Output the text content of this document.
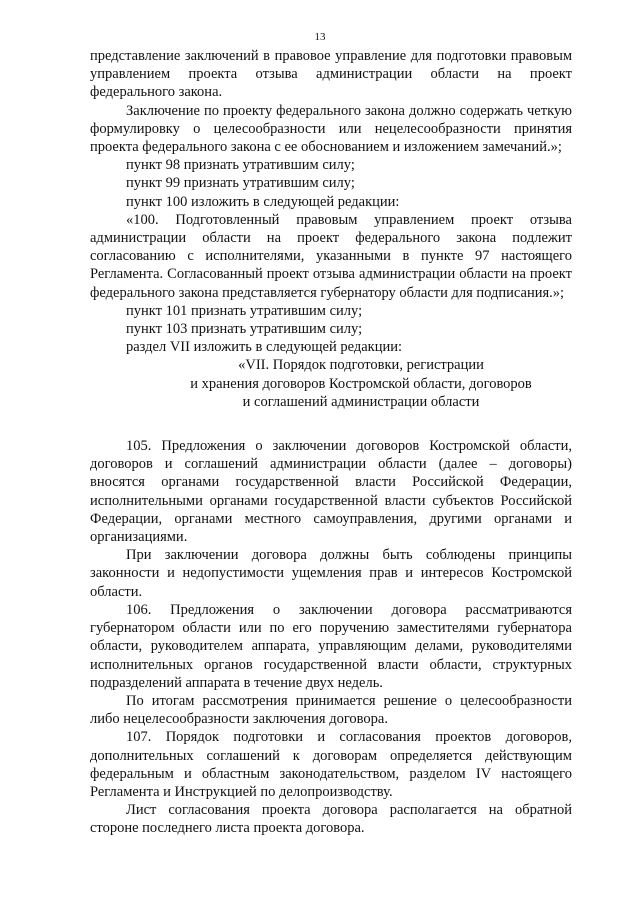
13

представление заключений в правовое управление для подготовки правовым управлением проекта отзыва администрации области на проект федерального закона.

Заключение по проекту федерального закона должно содержать четкую формулировку о целесообразности или нецелесообразности принятия проекта федерального закона с ее обоснованием и изложением замечаний.»;

пункт 98 признать утратившим силу;

пункт 99 признать утратившим силу;

пункт 100 изложить в следующей редакции:

«100. Подготовленный правовым управлением проект отзыва администрации области на проект федерального закона подлежит согласованию с исполнителями, указанными в пункте 97 настоящего Регламента. Согласованный проект отзыва администрации области на проект федерального закона представляется губернатору области для подписания.»;

пункт 101 признать утратившим силу;

пункт 103 признать утратившим силу;

раздел VII изложить в следующей редакции:

«VII. Порядок подготовки, регистрации

и хранения договоров Костромской области, договоров

и соглашений администрации области

105. Предложения о заключении договоров Костромской области, договоров и соглашений администрации области (далее – договоры) вносятся органами государственной власти Российской Федерации, исполнительными органами государственной власти субъектов Российской Федерации, органами местного самоуправления, другими органами и организациями.

При заключении договора должны быть соблюдены принципы законности и недопустимости ущемления прав и интересов Костромской области.

106. Предложения о заключении договора рассматриваются губернатором области или по его поручению заместителями губернатора области, руководителем аппарата, управляющим делами, руководителями исполнительных органов государственной власти области, структурных подразделений аппарата в течение двух недель.

По итогам рассмотрения принимается решение о целесообразности либо нецелесообразности заключения договора.

107. Порядок подготовки и согласования проектов договоров, дополнительных соглашений к договорам определяется действующим федеральным и областным законодательством, разделом IV настоящего Регламента и Инструкцией по делопроизводству.

Лист согласования проекта договора располагается на обратной стороне последнего листа проекта договора.
